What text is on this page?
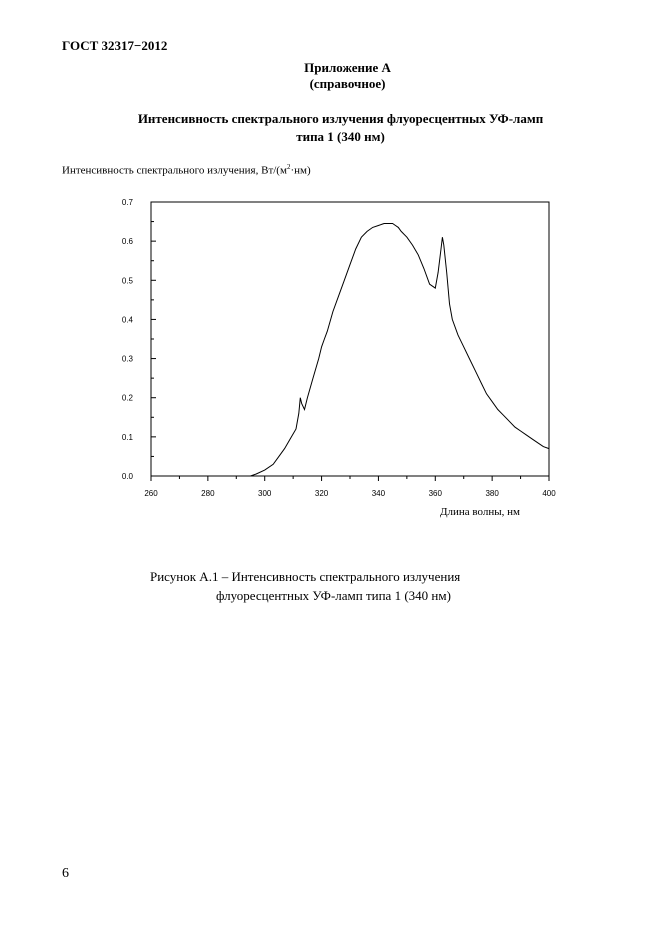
ГОСТ 32317−2012
Приложение А
(справочное)
Интенсивность спектрального излучения флуоресцентных УФ-ламп
типа 1 (340 нм)
Интенсивность спектрального излучения, $Вт/(м^2\cdot нм)$
0.0
0.1
0.2
0.3
0.4
0.5
0.6
0.7
260	280	300	320	340	360	380	400
Длина волны, нм
Рисунок А.1 – Интенсивность спектрального излучения
флуоресцентных УФ-ламп типа 1 (340 нм)
6
